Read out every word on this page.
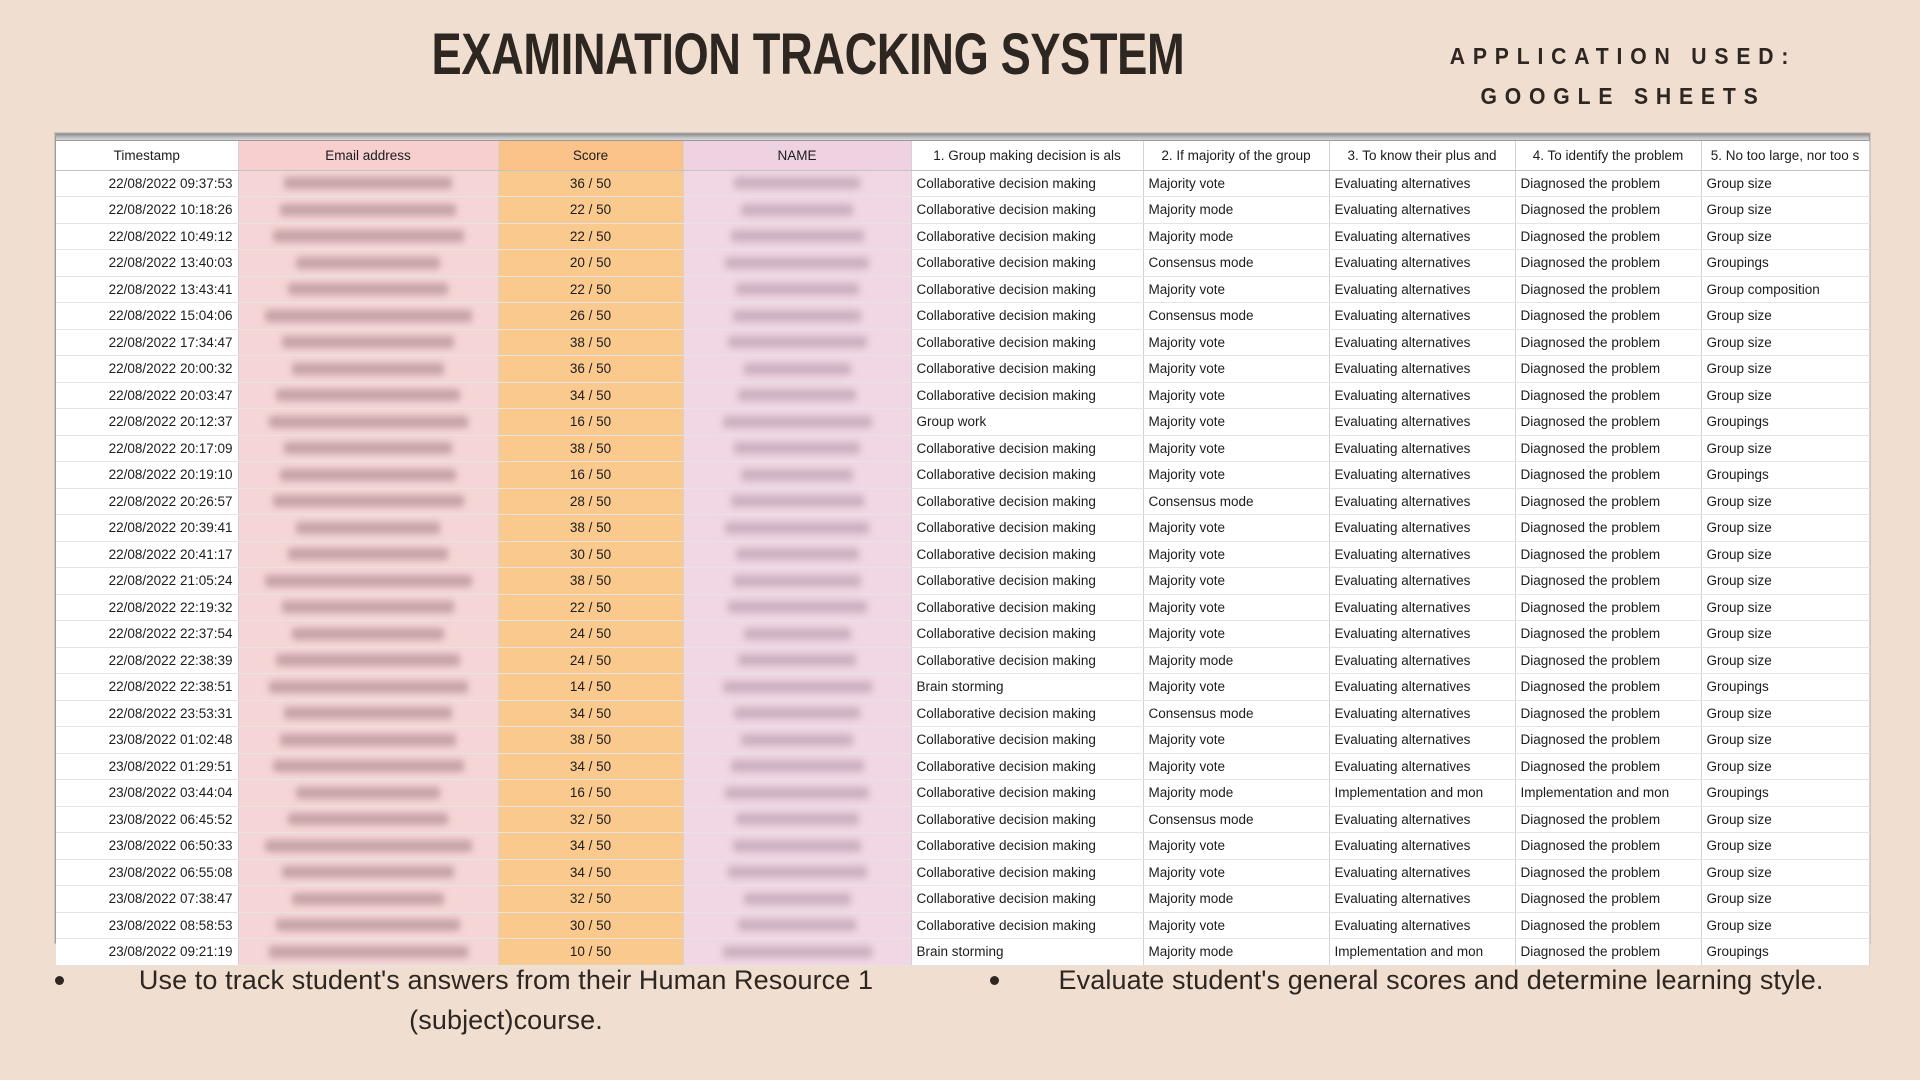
EXAMINATION TRACKING SYSTEM	APPLICATION USED:
GOOGLE SHEETS
Timestamp	Email address	Score	NAME	1. Group making decision is als	2. If majority of the group	3. To know their plus and	4. To identify the problem	5. No too large, nor too s
22/08/2022 09:37:53		36 / 50		Collaborative decision making	Majority vote	Evaluating alternatives	Diagnosed the problem	Group size
22/08/2022 10:18:26		22 / 50		Collaborative decision making	Majority mode	Evaluating alternatives	Diagnosed the problem	Group size
22/08/2022 10:49:12		22 / 50		Collaborative decision making	Majority mode	Evaluating alternatives	Diagnosed the problem	Group size
22/08/2022 13:40:03		20 / 50		Collaborative decision making	Consensus mode	Evaluating alternatives	Diagnosed the problem	Groupings
22/08/2022 13:43:41		22 / 50		Collaborative decision making	Majority vote	Evaluating alternatives	Diagnosed the problem	Group composition
22/08/2022 15:04:06		26 / 50		Collaborative decision making	Consensus mode	Evaluating alternatives	Diagnosed the problem	Group size
22/08/2022 17:34:47		38 / 50		Collaborative decision making	Majority vote	Evaluating alternatives	Diagnosed the problem	Group size
22/08/2022 20:00:32		36 / 50		Collaborative decision making	Majority vote	Evaluating alternatives	Diagnosed the problem	Group size
22/08/2022 20:03:47		34 / 50		Collaborative decision making	Majority vote	Evaluating alternatives	Diagnosed the problem	Group size
22/08/2022 20:12:37		16 / 50		Group work	Majority vote	Evaluating alternatives	Diagnosed the problem	Groupings
22/08/2022 20:17:09		38 / 50		Collaborative decision making	Majority vote	Evaluating alternatives	Diagnosed the problem	Group size
22/08/2022 20:19:10		16 / 50		Collaborative decision making	Majority vote	Evaluating alternatives	Diagnosed the problem	Groupings
22/08/2022 20:26:57		28 / 50		Collaborative decision making	Consensus mode	Evaluating alternatives	Diagnosed the problem	Group size
22/08/2022 20:39:41		38 / 50		Collaborative decision making	Majority vote	Evaluating alternatives	Diagnosed the problem	Group size
22/08/2022 20:41:17		30 / 50		Collaborative decision making	Majority vote	Evaluating alternatives	Diagnosed the problem	Group size
22/08/2022 21:05:24		38 / 50		Collaborative decision making	Majority vote	Evaluating alternatives	Diagnosed the problem	Group size
22/08/2022 22:19:32		22 / 50		Collaborative decision making	Majority vote	Evaluating alternatives	Diagnosed the problem	Group size
22/08/2022 22:37:54		24 / 50		Collaborative decision making	Majority vote	Evaluating alternatives	Diagnosed the problem	Group size
22/08/2022 22:38:39		24 / 50		Collaborative decision making	Majority mode	Evaluating alternatives	Diagnosed the problem	Group size
22/08/2022 22:38:51		14 / 50		Brain storming	Majority vote	Evaluating alternatives	Diagnosed the problem	Groupings
22/08/2022 23:53:31		34 / 50		Collaborative decision making	Consensus mode	Evaluating alternatives	Diagnosed the problem	Group size
23/08/2022 01:02:48		38 / 50		Collaborative decision making	Majority vote	Evaluating alternatives	Diagnosed the problem	Group size
23/08/2022 01:29:51		34 / 50		Collaborative decision making	Majority vote	Evaluating alternatives	Diagnosed the problem	Group size
23/08/2022 03:44:04		16 / 50		Collaborative decision making	Majority mode	Implementation and mon	Implementation and mon	Groupings
23/08/2022 06:45:52		32 / 50		Collaborative decision making	Consensus mode	Evaluating alternatives	Diagnosed the problem	Group size
23/08/2022 06:50:33		34 / 50		Collaborative decision making	Majority vote	Evaluating alternatives	Diagnosed the problem	Group size
23/08/2022 06:55:08		34 / 50		Collaborative decision making	Majority vote	Evaluating alternatives	Diagnosed the problem	Group size
23/08/2022 07:38:47		32 / 50		Collaborative decision making	Majority mode	Evaluating alternatives	Diagnosed the problem	Group size
23/08/2022 08:58:53		30 / 50		Collaborative decision making	Majority vote	Evaluating alternatives	Diagnosed the problem	Group size
23/08/2022 09:21:19		10 / 50		Brain storming	Majority mode	Implementation and mon	Diagnosed the problem	Groupings
Use to track student's answers from their Human Resource 1 (subject)course.
Evaluate student's general scores and determine learning style.
